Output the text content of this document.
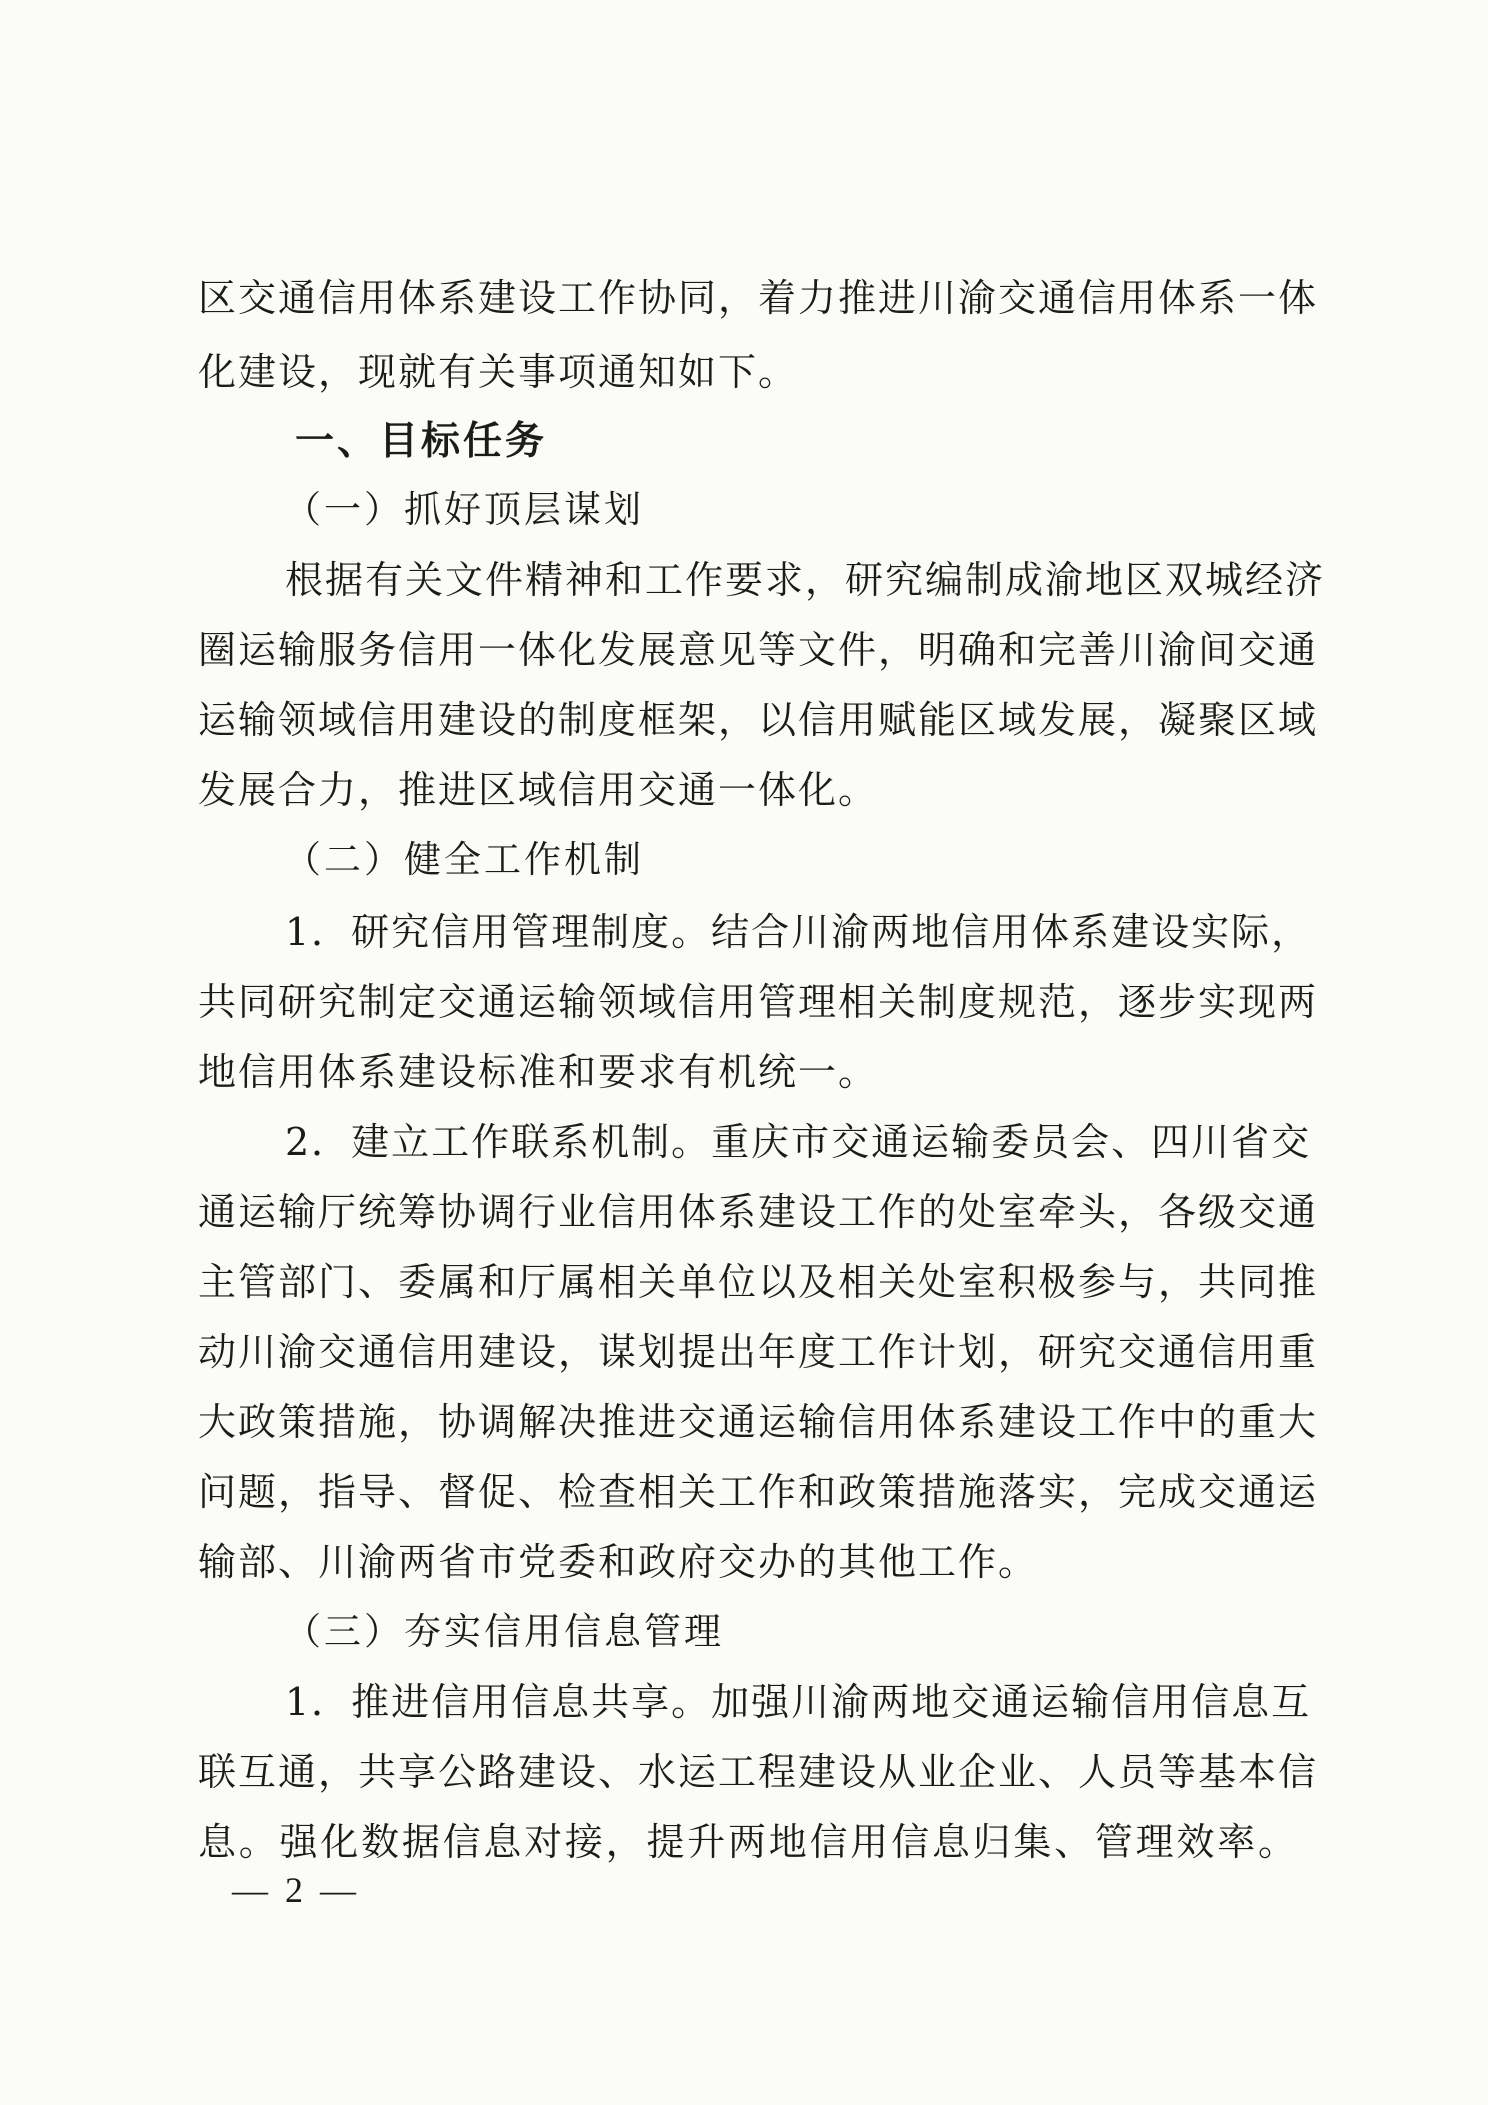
区交通信用体系建设工作协同，着力推进川渝交通信用体系一体
化建设，现就有关事项通知如下。
一、目标任务
（一）抓好顶层谋划
根据有关文件精神和工作要求，研究编制成渝地区双城经济
圈运输服务信用一体化发展意见等文件，明确和完善川渝间交通
运输领域信用建设的制度框架，以信用赋能区域发展，凝聚区域
发展合力，推进区域信用交通一体化。
（二）健全工作机制
1．研究信用管理制度。结合川渝两地信用体系建设实际，
共同研究制定交通运输领域信用管理相关制度规范，逐步实现两
地信用体系建设标准和要求有机统一。
2．建立工作联系机制。重庆市交通运输委员会、四川省交
通运输厅统筹协调行业信用体系建设工作的处室牵头，各级交通
主管部门、委属和厅属相关单位以及相关处室积极参与，共同推
动川渝交通信用建设，谋划提出年度工作计划，研究交通信用重
大政策措施，协调解决推进交通运输信用体系建设工作中的重大
问题，指导、督促、检查相关工作和政策措施落实，完成交通运
输部、川渝两省市党委和政府交办的其他工作。
（三）夯实信用信息管理
1．推进信用信息共享。加强川渝两地交通运输信用信息互
联互通，共享公路建设、水运工程建设从业企业、人员等基本信
息。强化数据信息对接，提升两地信用信息归集、管理效率。
— 2 —
